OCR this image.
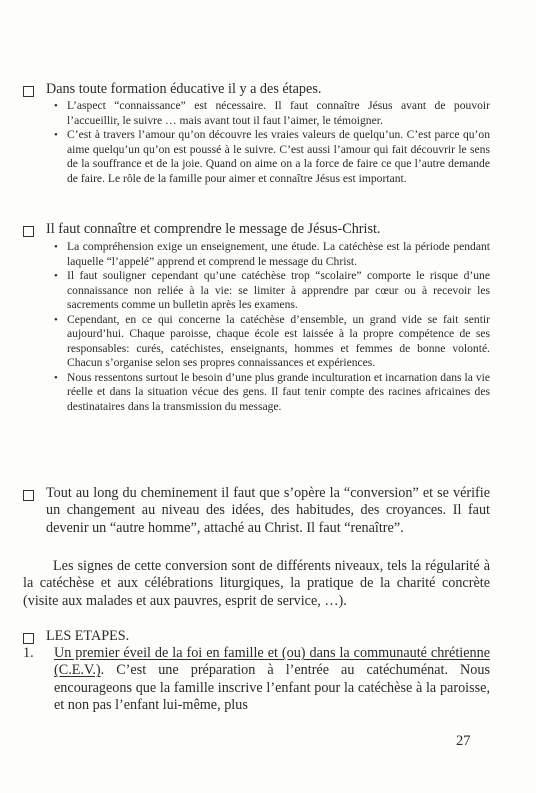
Dans toute formation éducative il y a des étapes.
• L’aspect “connaissance” est nécessaire. Il faut connaître Jésus avant de pouvoir l’accueillir, le suivre … mais avant tout il faut l’aimer, le témoigner.
• C’est à travers l’amour qu’on découvre les vraies valeurs de quelqu’un. C’est parce qu’on aime quelqu’un qu’on est poussé à le suivre. C’est aussi l’amour qui fait découvrir le sens de la souffrance et de la joie. Quand on aime on a la force de faire ce que l’autre demande de faire. Le rôle de la famille pour aimer et connaître Jésus est important.
Il faut connaître et comprendre le message de Jésus-Christ.
• La compréhension exige un enseignement, une étude. La catéchèse est la période pendant laquelle “l’appelé” apprend et comprend le message du Christ.
• Il faut souligner cependant qu’une catéchèse trop “scolaire” comporte le risque d’une connaissance non reliée à la vie: se limiter à apprendre par cœur ou à recevoir les sacrements comme un bulletin après les examens.
• Cependant, en ce qui concerne la catéchèse d’ensemble, un grand vide se fait sentir aujourd’hui. Chaque paroisse, chaque école est laissée à la propre compétence de ses responsables: curés, catéchistes, enseignants, hommes et femmes de bonne volonté. Chacun s’organise selon ses propres connaissances et expériences.
• Nous ressentons surtout le besoin d’une plus grande inculturation et incarnation dans la vie réelle et dans la situation vécue des gens. Il faut tenir compte des racines africaines des destinataires dans la transmission du message.
Tout au long du cheminement il faut que s’opère la “conversion” et se vérifie un changement au niveau des idées, des habitudes, des croyances. Il faut devenir un “autre homme”, attaché au Christ. Il faut “renaître”.

Les signes de cette conversion sont de différents niveaux, tels la régularité à la catéchèse et aux célébrations liturgiques, la pratique de la charité concrète (visite aux malades et aux pauvres, esprit de service, …).

LES ETAPES.
1. Un premier éveil de la foi en famille et (ou) dans la communauté chrétienne (C.E.V.). C’est une préparation à l’entrée au catéchuménat. Nous encourageons que la famille inscrive l’enfant pour la catéchèse à la paroisse, et non pas l’enfant lui-même, plus

27
